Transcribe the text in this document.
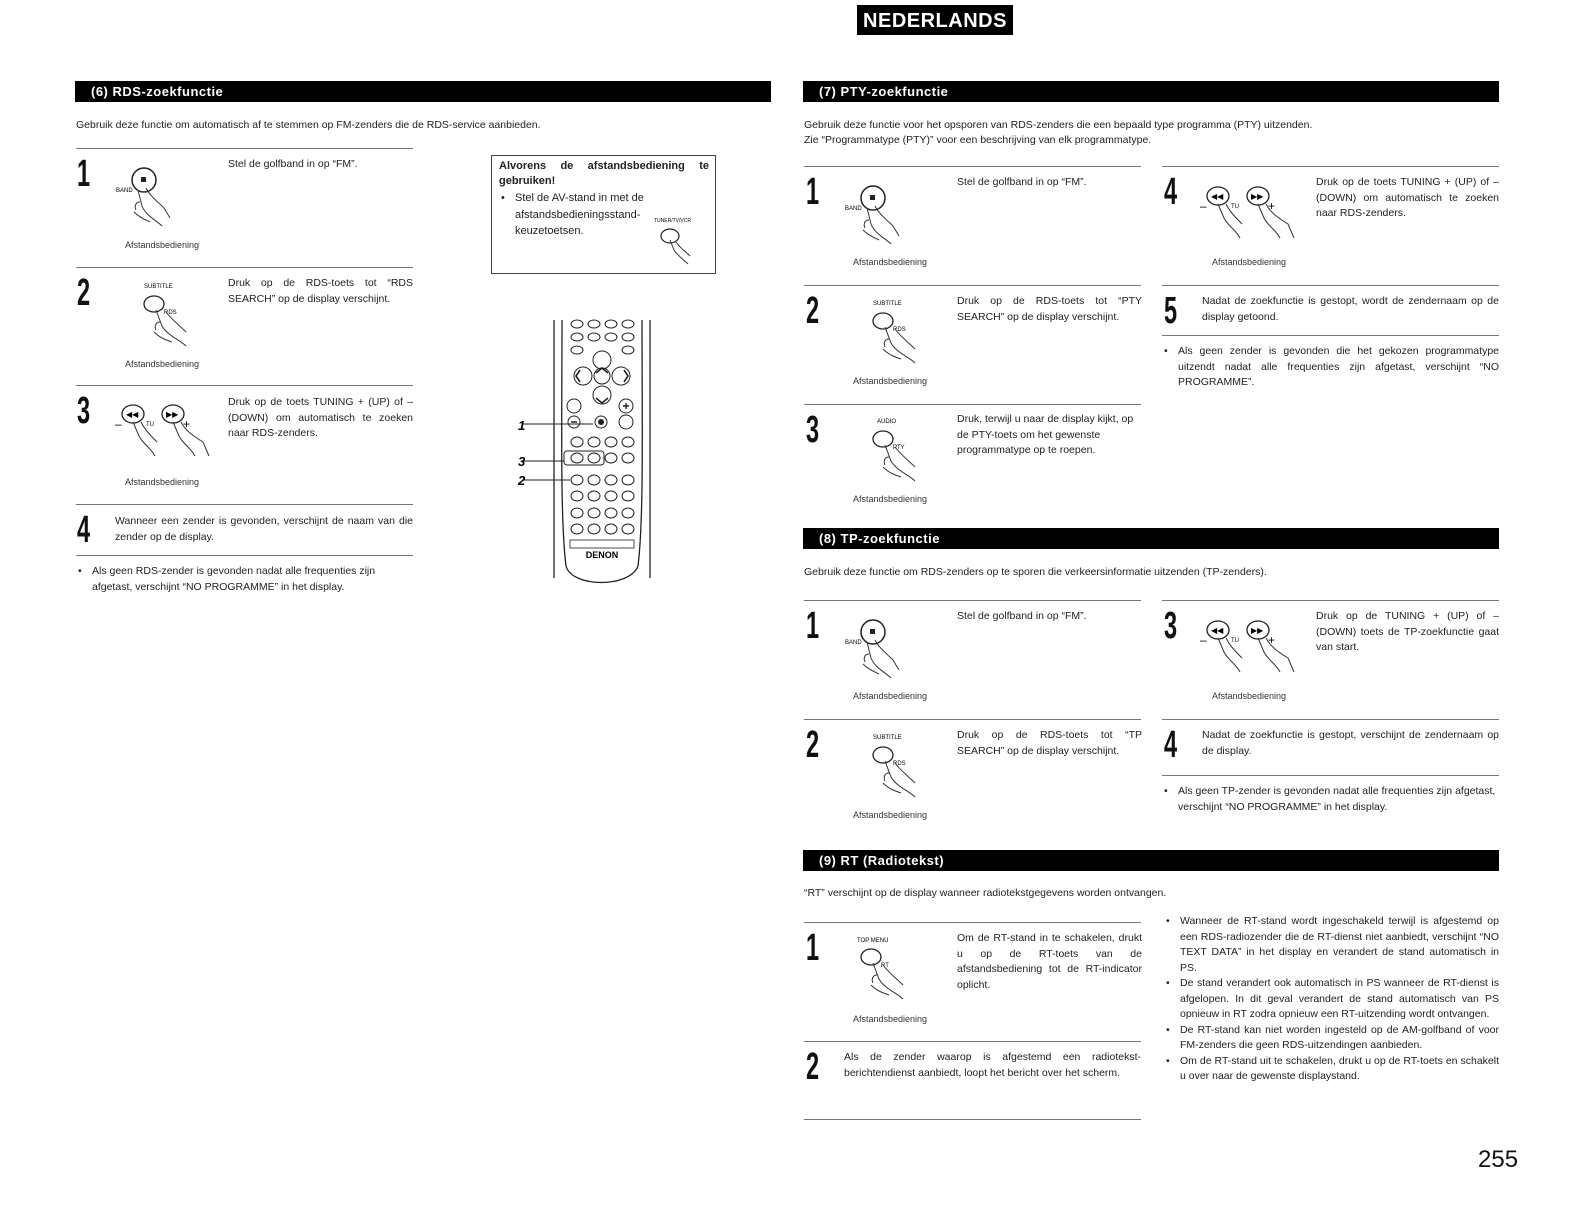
NEDERLANDS
(6) RDS-zoekfunctie
Gebruik deze functie om automatisch af te stemmen op FM-zenders die de RDS-service aanbieden.
1	BAND
Stel de golfband in op “FM”.
Afstandsbediening
2	SUBTITLE
RDS
Druk op de RDS-toets tot “RDS SEARCH” op de display verschijnt.
Afstandsbediening
3 –
◀◀
TU
▶▶
+
Druk op de toets TUNING + (UP) of – (DOWN) om automatisch te zoeken naar RDS-zenders.
Afstandsbediening
4 Wanneer een zender is gevonden, verschijnt de naam van die zender op de display.
• Als geen RDS-zender is gevonden nadat alle frequenties zijn afgetast, verschijnt “NO PROGRAMME” in het display.
Alvorens de afstandsbediening te gebruiken!
• Stel de AV-stand in met de afstandsbedieningsstand-keuzetoetsen.
TUNER/TV/VCR
1
3
2
DENON
(7) PTY-zoekfunctie
Gebruik deze functie voor het opsporen van RDS-zenders die een bepaald type programma (PTY) uitzenden.
Zie “Programmatype (PTY)” voor een beschrijving van elk programmatype.
1	BAND
Stel de golfband in op “FM”.
Afstandsbediening
2	SUBTITLE
RDS
Druk op de RDS-toets tot “PTY SEARCH” op de display verschijnt.
Afstandsbediening
3	AUDIO
PTY
Druk, terwijl u naar de display kijkt, op de PTY-toets om het gewenste programmatype op te roepen.
Afstandsbediening
4 –
◀◀
TU
▶▶
+
Druk op de toets TUNING + (UP) of – (DOWN) om automatisch te zoeken naar RDS-zenders.
Afstandsbediening
5 Nadat de zoekfunctie is gestopt, wordt de zendernaam op de display getoond.
• Als geen zender is gevonden die het gekozen programmatype uitzendt nadat alle frequenties zijn afgetast, verschijnt “NO PROGRAMME”.
(8) TP-zoekfunctie
Gebruik deze functie om RDS-zenders op te sporen die verkeersinformatie uitzenden (TP-zenders).
1	BAND
Stel de golfband in op “FM”.
Afstandsbediening
2	SUBTITLE
RDS
Druk op de RDS-toets tot “TP SEARCH” op de display verschijnt.
Afstandsbediening
3 –
◀◀
TU
▶▶
+
Druk op de TUNING + (UP) of – (DOWN) toets de TP-zoekfunctie gaat van start.
Afstandsbediening
4 Nadat de zoekfunctie is gestopt, verschijnt de zendernaam op de display.
• Als geen TP-zender is gevonden nadat alle frequenties zijn afgetast, verschijnt “NO PROGRAMME” in het display.
(9) RT (Radiotekst)
“RT” verschijnt op de display wanneer radiotekstgegevens worden ontvangen.
1	TOP MENU
RT
Om de RT-stand in te schakelen, drukt u op de RT-toets van de afstandsbediening tot de RT-indicator oplicht.
Afstandsbediening
2 Als de zender waarop is afgestemd een radiotekst-berichtendienst aanbiedt, loopt het bericht over het scherm.
• Wanneer de RT-stand wordt ingeschakeld terwijl is afgestemd op een RDS-radiozender die de RT-dienst niet aanbiedt, verschijnt “NO TEXT DATA” in het display en verandert de stand automatisch in PS.
• De stand verandert ook automatisch in PS wanneer de RT-dienst is afgelopen. In dit geval verandert de stand automatisch van PS opnieuw in RT zodra opnieuw een RT-uitzending wordt ontvangen.
• De RT-stand kan niet worden ingesteld op de AM-golfband of voor FM-zenders die geen RDS-uitzendingen aanbieden.
• Om de RT-stand uit te schakelen, drukt u op de RT-toets en schakelt u over naar de gewenste displaystand.
255
